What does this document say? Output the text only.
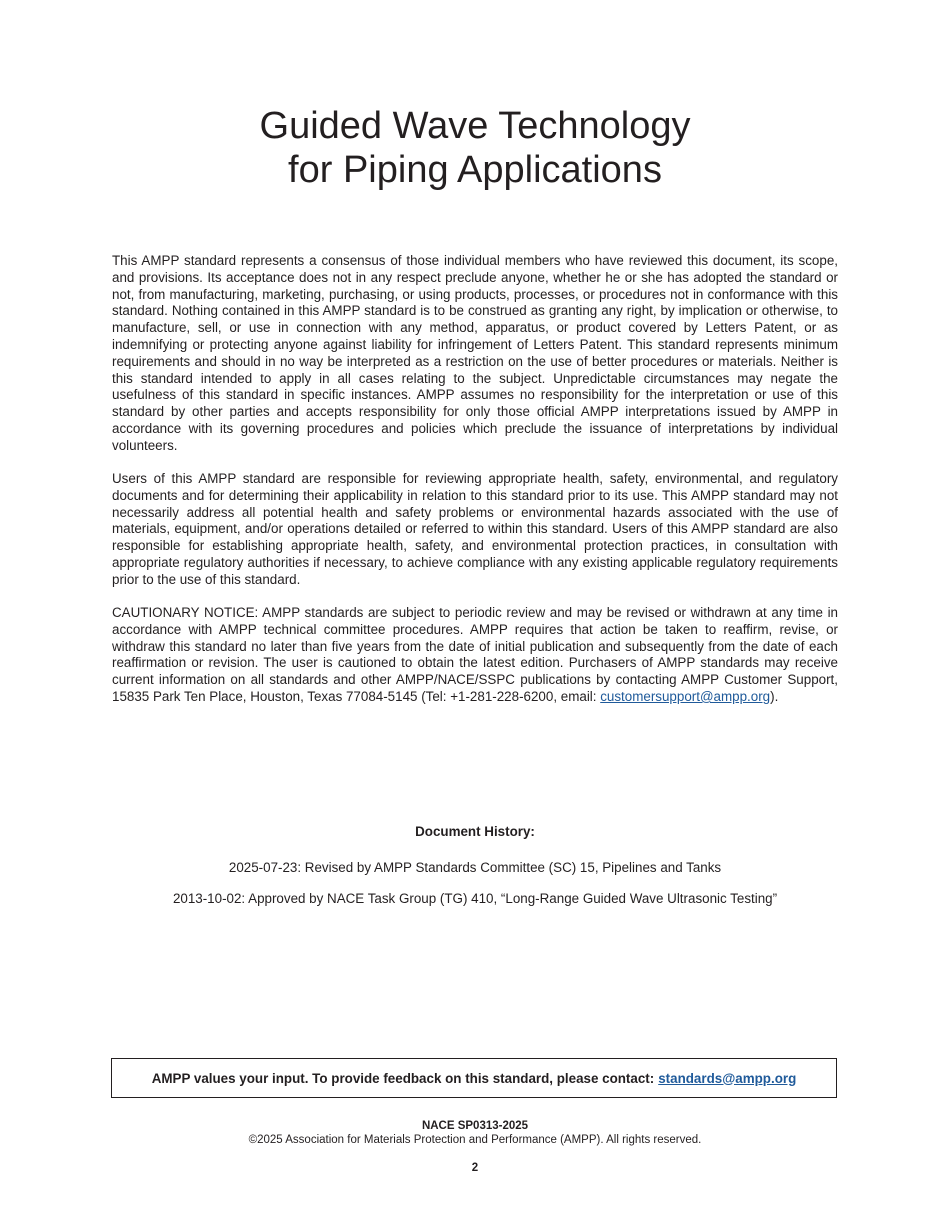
Guided Wave Technology
for Piping Applications

This AMPP standard represents a consensus of those individual members who have reviewed this document, its scope, and provisions. Its acceptance does not in any respect preclude anyone, whether he or she has adopted the standard or not, from manufacturing, marketing, purchasing, or using products, processes, or procedures not in conformance with this standard. Nothing contained in this AMPP standard is to be construed as granting any right, by implication or otherwise, to manufacture, sell, or use in connection with any method, apparatus, or product covered by Letters Patent, or as indemnifying or protecting anyone against liability for infringement of Letters Patent. This standard represents minimum requirements and should in no way be interpreted as a restriction on the use of better procedures or materials. Neither is this standard intended to apply in all cases relating to the subject. Unpredictable circumstances may negate the usefulness of this standard in specific instances. AMPP assumes no responsibility for the interpretation or use of this standard by other parties and accepts responsibility for only those official AMPP interpretations issued by AMPP in accordance with its governing procedures and policies which preclude the issuance of interpretations by individual volunteers.

Users of this AMPP standard are responsible for reviewing appropriate health, safety, environmental, and regulatory documents and for determining their applicability in relation to this standard prior to its use. This AMPP standard may not necessarily address all potential health and safety problems or environmental hazards associated with the use of materials, equipment, and/or operations detailed or referred to within this standard. Users of this AMPP standard are also responsible for establishing appropriate health, safety, and environmental protection practices, in consultation with appropriate regulatory authorities if necessary, to achieve compliance with any existing applicable regulatory requirements prior to the use of this standard.

CAUTIONARY NOTICE: AMPP standards are subject to periodic review and may be revised or withdrawn at any time in accordance with AMPP technical committee procedures. AMPP requires that action be taken to reaffirm, revise, or withdraw this standard no later than five years from the date of initial publication and subsequently from the date of each reaffirmation or revision. The user is cautioned to obtain the latest edition. Purchasers of AMPP standards may receive current information on all standards and other AMPP/NACE/SSPC publications by contacting AMPP Customer Support, 15835 Park Ten Place, Houston, Texas 77084-5145 (Tel: +1-281-228-6200, email: customersupport@ampp.org).

Document History:

2025-07-23: Revised by AMPP Standards Committee (SC) 15, Pipelines and Tanks

2013-10-02: Approved by NACE Task Group (TG) 410, “Long-Range Guided Wave Ultrasonic Testing”

AMPP values your input. To provide feedback on this standard, please contact: standards@ampp.org

NACE SP0313-2025

©2025 Association for Materials Protection and Performance (AMPP). All rights reserved.

2
